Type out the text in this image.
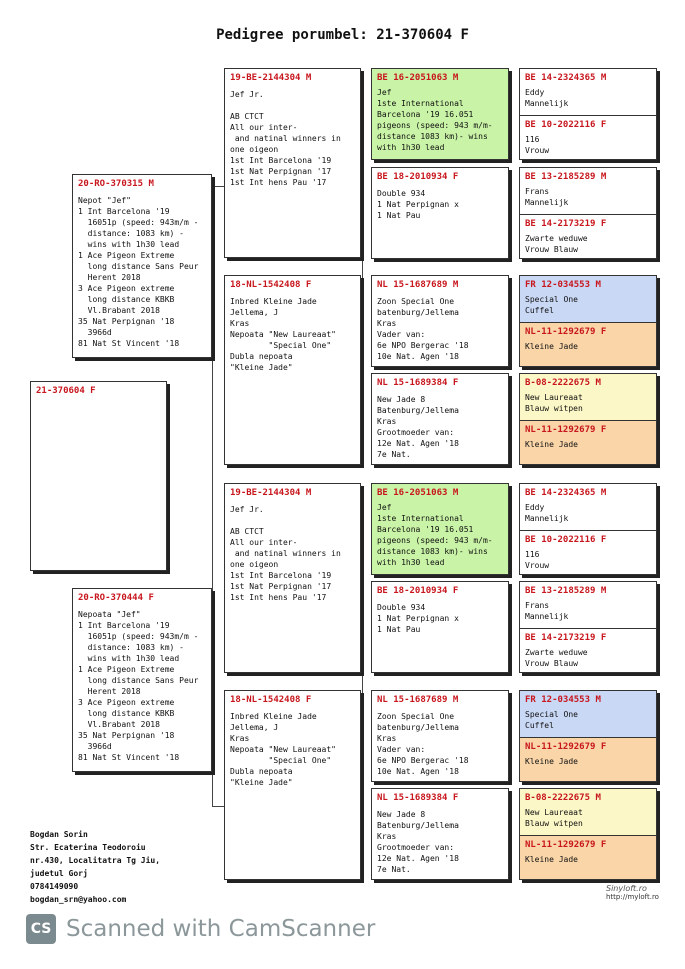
Pedigree porumbel: 21-370604 F
21-370604 F
20-RO-370315 M
Nepot "Jef"
1 Int Barcelona '19
16051p (speed: 943m/m -
distance: 1083 km) -
wins with 1h30 lead
1 Ace Pigeon Extreme
long distance Sans Peur
Herent 2018
3 Ace Pigeon extreme
long distance KBKB
Vl.Brabant 2018
35 Nat Perpignan '18
3966d
81 Nat St Vincent '18
20-RO-370444 F
Nepoata "Jef"
1 Int Barcelona '19
16051p (speed: 943m/m -
distance: 1083 km) -
wins with 1h30 lead
1 Ace Pigeon Extreme
long distance Sans Peur
Herent 2018
3 Ace Pigeon extreme
long distance KBKB
Vl.Brabant 2018
35 Nat Perpignan '18
3966d
81 Nat St Vincent '18
19-BE-2144304 M
Jef Jr.

AB CTCT
All our inter-
and natinal winners in
one oigeon
1st Int Barcelona '19
1st Nat Perpignan '17
1st Int hens Pau '17
18-NL-1542408 F
Inbred Kleine Jade
Jellema, J
Kras
Nepoata "New Laureaat"
"Special One"
Dubla nepoata
"Kleine Jade"
19-BE-2144304 M
Jef Jr.

AB CTCT
All our inter-
and natinal winners in
one oigeon
1st Int Barcelona '19
1st Nat Perpignan '17
1st Int hens Pau '17
18-NL-1542408 F
Inbred Kleine Jade
Jellema, J
Kras
Nepoata "New Laureaat"
"Special One"
Dubla nepoata
"Kleine Jade"
BE 16-2051063 M
Jef
1ste International
Barcelona '19 16.051
pigeons (speed: 943 m/m-
distance 1083 km)- wins
with 1h30 lead
BE 18-2010934 F
Double 934
1 Nat Perpignan x
1 Nat Pau
NL 15-1687689 M
Zoon Special One
batenburg/Jellema
Kras
Vader van:
6e NPO Bergerac '18
10e Nat. Agen '18
NL 15-1689384 F
New Jade 8
Batenburg/Jellema
Kras
Grootmoeder van:
12e Nat. Agen '18
7e Nat.
BE 16-2051063 M
Jef
1ste International
Barcelona '19 16.051
pigeons (speed: 943 m/m-
distance 1083 km)- wins
with 1h30 lead
BE 18-2010934 F
Double 934
1 Nat Perpignan x
1 Nat Pau
NL 15-1687689 M
Zoon Special One
batenburg/Jellema
Kras
Vader van:
6e NPO Bergerac '18
10e Nat. Agen '18
NL 15-1689384 F
New Jade 8
Batenburg/Jellema
Kras
Grootmoeder van:
12e Nat. Agen '18
7e Nat.
BE 14-2324365 M
Eddy
Mannelijk
BE 10-2022116 F
116
Vrouw
BE 13-2185289 M
Frans
Mannelijk
BE 14-2173219 F
Zwarte weduwe
Vrouw Blauw
FR 12-034553 M
Special One
Cuffel
NL-11-1292679 F
Kleine Jade
B-08-2222675 M
New Laureaat
Blauw witpen
NL-11-1292679 F
Kleine Jade
BE 14-2324365 M
Eddy
Mannelijk
BE 10-2022116 F
116
Vrouw
BE 13-2185289 M
Frans
Mannelijk
BE 14-2173219 F
Zwarte weduwe
Vrouw Blauw
FR 12-034553 M
Special One
Cuffel
NL-11-1292679 F
Kleine Jade
B-08-2222675 M
New Laureaat
Blauw witpen
NL-11-1292679 F
Kleine Jade
Bogdan Sorin
Str. Ecaterina Teodoroiu
nr.430, Localitatra Tg Jiu,
judetul Gorj
0784149090
bogdan_srn@yahoo.com
Sinyloft.ro
http://myloft.ro
CS Scanned with CamScanner
